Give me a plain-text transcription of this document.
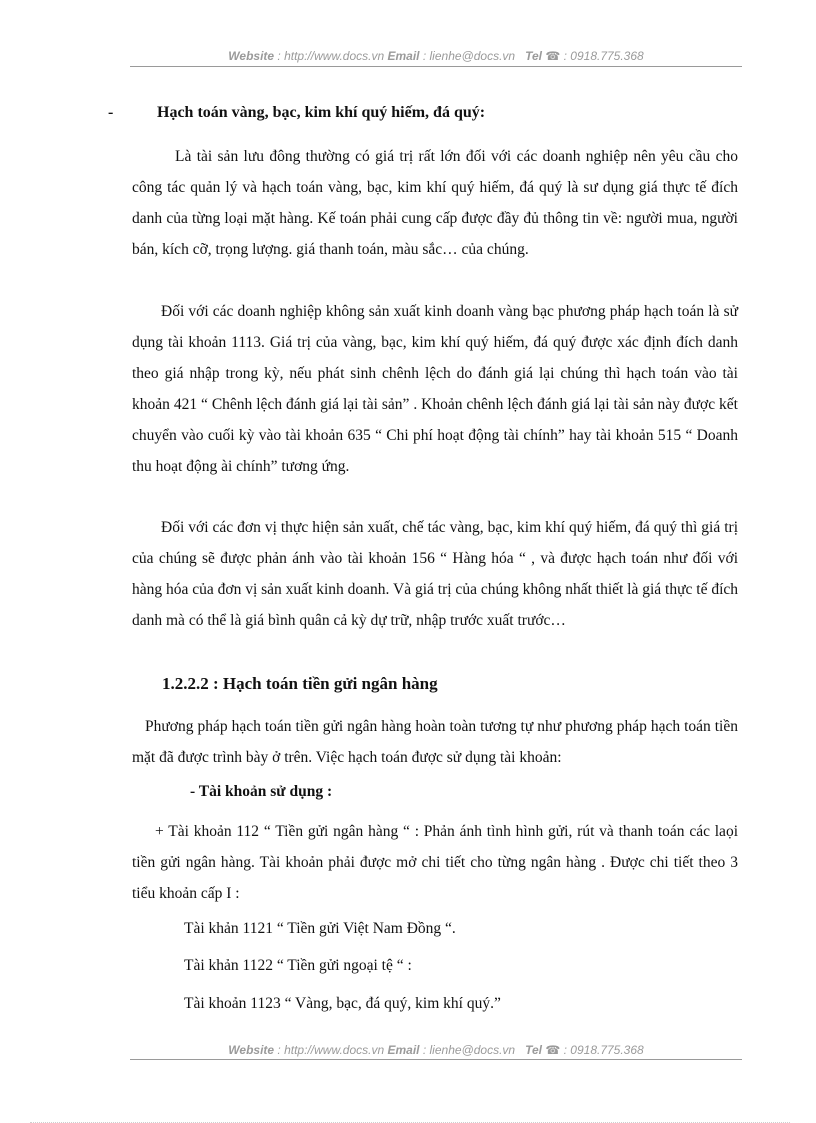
Website : http://www.docs.vn Email : lienhe@docs.vn Tel ☎ : 0918.775.368
-	Hạch toán vàng, bạc, kim khí quý hiếm, đá quý:
Là tài sản lưu đông thường có giá trị rất lớn đối với các doanh nghiệp nên yêu cầu cho công tác quản lý và hạch toán vàng, bạc, kim khí quý hiếm, đá quý là sư dụng giá thực tế đích danh của từng loại mặt hàng. Kế toán phải cung cấp được đầy đủ thông tin về: người mua, người bán, kích cỡ, trọng lượng. giá thanh toán, màu sắc… của chúng.
Đối với các doanh nghiệp không sản xuất kinh doanh vàng bạc phương pháp hạch toán là sử dụng tài khoản 1113. Giá trị của vàng, bạc, kim khí quý hiếm, đá quý được xác định đích danh theo giá nhập trong kỳ, nếu phát sinh chênh lệch do đánh giá lại chúng thì hạch toán vào tài khoản 421 “ Chênh lệch đánh giá lại tài sản” . Khoản chênh lệch đánh giá lại tài sản này được kết chuyển vào cuối kỳ vào tài khoản 635 “ Chi phí hoạt động tài chính” hay tài khoản 515 “ Doanh thu hoạt động ài chính” tương ứng.
Đối với các đơn vị thực hiện sản xuất, chế tác vàng, bạc, kim khí quý hiếm, đá quý thì giá trị của chúng sẽ được phản ánh vào tài khoản 156 “ Hàng hóa “ , và được hạch toán như đối với hàng hóa của đơn vị sản xuất kinh doanh. Và giá trị của chúng không nhất thiết là giá thực tế đích danh mà có thể là giá bình quân cả kỳ dự trữ, nhập trước xuất trước…
1.2.2.2 : Hạch toán tiền gửi ngân hàng
Phương pháp hạch toán tiền gửi ngân hàng hoàn toàn tương tự như phương pháp hạch toán tiền mặt đã được trình bày ở trên. Việc hạch toán được sử dụng tài khoản:
- Tài khoản sử dụng :
+ Tài khoản 112 “ Tiền gửi ngân hàng “ : Phản ánh tình hình gửi, rút và thanh toán các laọi tiền gửi ngân hàng. Tài khoản phải được mở chi tiết cho từng ngân hàng . Được chi tiết theo 3 tiểu khoản cấp I :
Tài khản 1121 “ Tiền gửi Việt Nam Đồng “.
Tài khản 1122 “ Tiền gửi ngoại tệ “ :
Tài khoản 1123 “ Vàng, bạc, đá quý, kim khí quý.”
Website : http://www.docs.vn Email : lienhe@docs.vn Tel ☎ : 0918.775.368
